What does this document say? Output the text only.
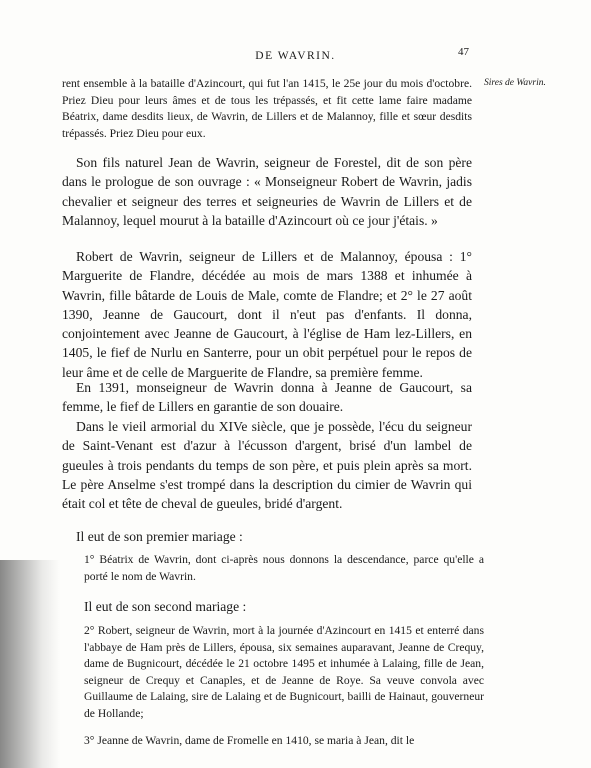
DE WAVRIN.	47
Sires de Wavrin.

rent ensemble à la bataille d'Azincourt, qui fut l'an 1415, le 25e jour du mois d'octobre. Priez Dieu pour leurs âmes et de tous les trépassés, et fit cette lame faire madame Béatrix, dame desdits lieux, de Wavrin, de Lillers et de Malannoy, fille et sœur desdits trépassés. Priez Dieu pour eux.

Son fils naturel Jean de Wavrin, seigneur de Forestel, dit de son père dans le prologue de son ouvrage : « Monseigneur Robert de Wavrin, jadis chevalier et seigneur des terres et seigneuries de Wavrin de Lillers et de Malannoy, lequel mourut à la bataille d'Azincourt où ce jour j'étais. »

Robert de Wavrin, seigneur de Lillers et de Malannoy, épousa : 1° Marguerite de Flandre, décédée au mois de mars 1388 et inhumée à Wavrin, fille bâtarde de Louis de Male, comte de Flandre; et 2° le 27 août 1390, Jeanne de Gaucourt, dont il n'eut pas d'enfants. Il donna, conjointement avec Jeanne de Gaucourt, à l'église de Ham lez-Lillers, en 1405, le fief de Nurlu en Santerre, pour un obit perpétuel pour le repos de leur âme et de celle de Marguerite de Flandre, sa première femme.

En 1391, monseigneur de Wavrin donna à Jeanne de Gaucourt, sa femme, le fief de Lillers en garantie de son douaire.

Dans le vieil armorial du XIVe siècle, que je possède, l'écu du seigneur de Saint-Venant est d'azur à l'écusson d'argent, brisé d'un lambel de gueules à trois pendants du temps de son père, et puis plein après sa mort. Le père Anselme s'est trompé dans la description du cimier de Wavrin qui était col et tête de cheval de gueules, bridé d'argent.

Il eut de son premier mariage :

1° Béatrix de Wavrin, dont ci-après nous donnons la descendance, parce qu'elle a porté le nom de Wavrin.

Il eut de son second mariage :

2° Robert, seigneur de Wavrin, mort à la journée d'Azincourt en 1415 et enterré dans l'abbaye de Ham près de Lillers, épousa, six semaines auparavant, Jeanne de Crequy, dame de Bugnicourt, décédée le 21 octobre 1495 et inhumée à Lalaing, fille de Jean, seigneur de Crequy et Canaples, et de Jeanne de Roye. Sa veuve convola avec Guillaume de Lalaing, sire de Lalaing et de Bugnicourt, bailli de Hainaut, gouverneur de Hollande;

3° Jeanne de Wavrin, dame de Fromelle en 1410, se maria à Jean, dit le
